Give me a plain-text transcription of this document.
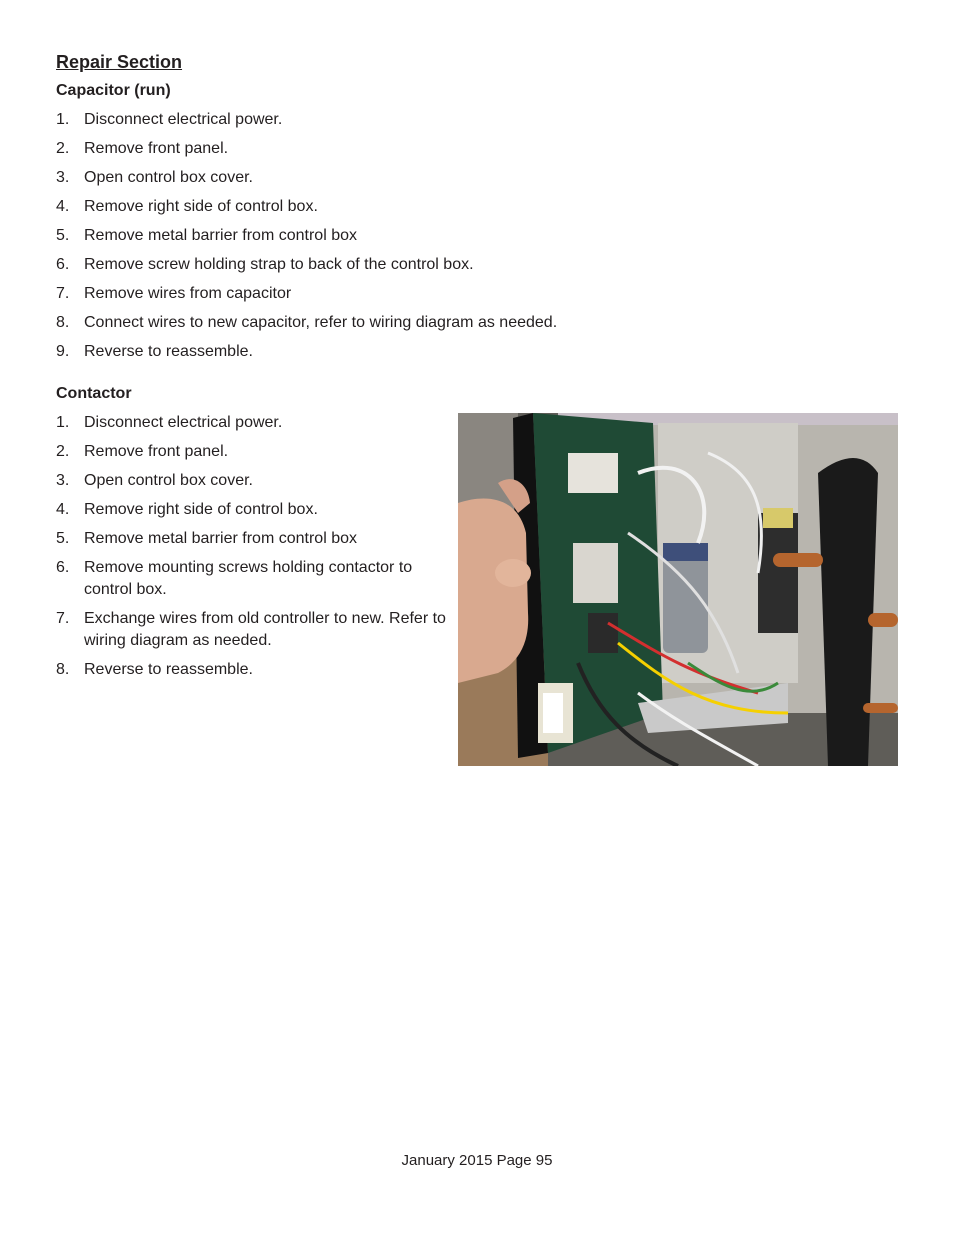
Repair Section
Capacitor (run)
1. Disconnect electrical power.
2. Remove front panel.
3. Open control box cover.
4. Remove right side of control box.
5. Remove metal barrier from control box
6. Remove screw holding strap to back of the control box.
7. Remove wires from capacitor
8. Connect wires to new capacitor, refer to wiring diagram as needed.
9. Reverse to reassemble.
Contactor
1. Disconnect electrical power.
2. Remove front panel.
3. Open control box cover.
4. Remove right side of control box.
5. Remove metal barrier from control box
6. Remove mounting screws holding contactor to control box.
7. Exchange wires from old controller to new. Refer to wiring diagram as needed.
8. Reverse to reassemble.
January 2015 Page 95
